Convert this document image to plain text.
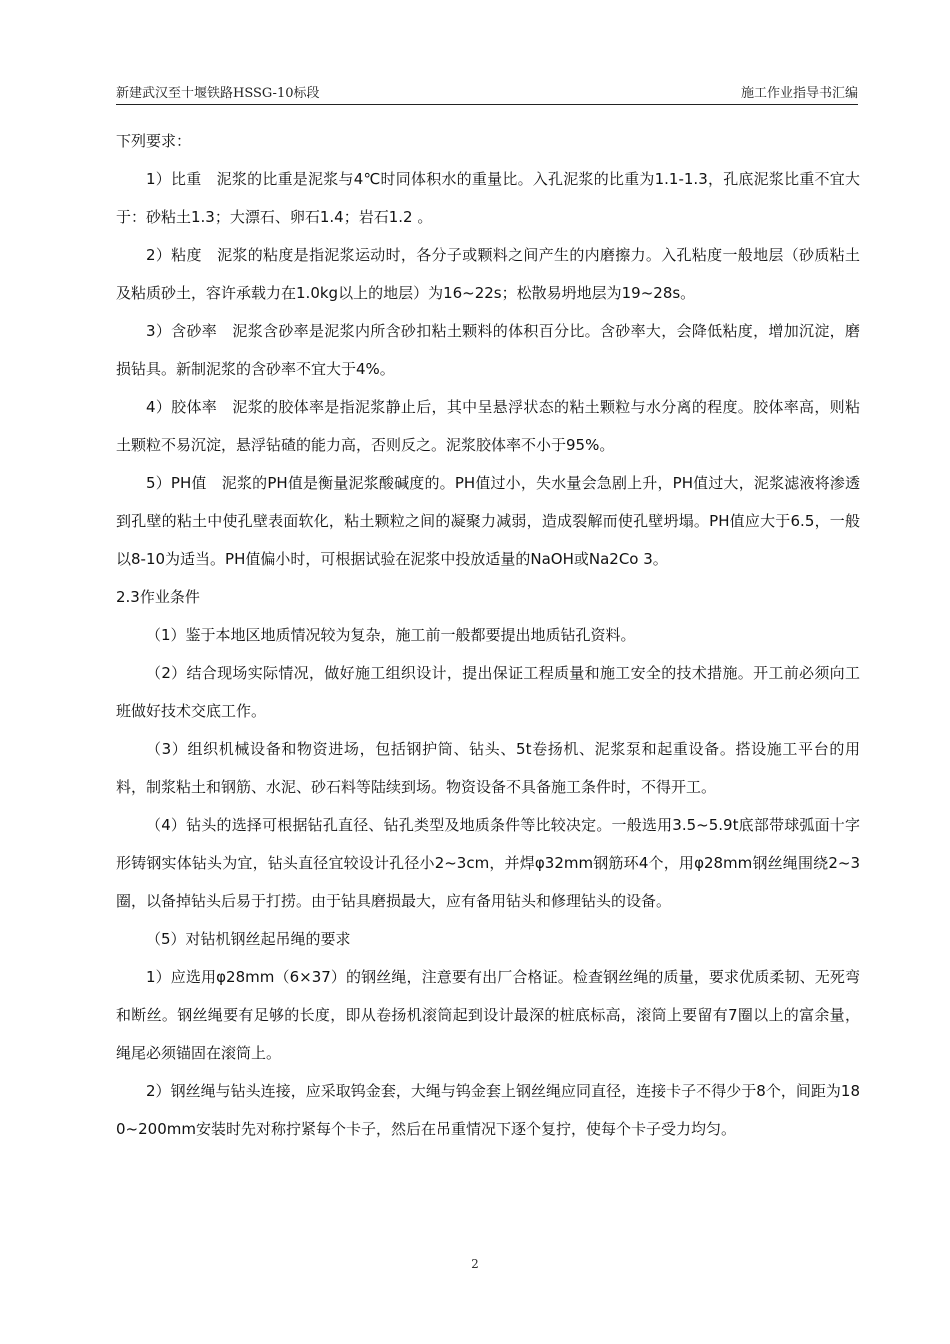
新建武汉至十堰铁路HSSG-10标段	施工作业指导书汇编

下列要求：

1）比重　泥浆的比重是泥浆与4℃时同体积水的重量比。入孔泥浆的比重为1.1-1.3，孔底泥浆比重不宜大于：砂粘土1.3；大漂石、卵石1.4；岩石1.2 。

2）粘度　泥浆的粘度是指泥浆运动时，各分子或颗料之间产生的内磨擦力。入孔粘度一般地层（砂质粘土及粘质砂土，容许承载力在1.0kg以上的地层）为16~22s；松散易坍地层为19~28s。

3）含砂率　泥浆含砂率是泥浆内所含砂扣粘土颗料的体积百分比。含砂率大，会降低粘度，增加沉淀，磨损钻具。新制泥浆的含砂率不宜大于4%。

4）胶体率　泥浆的胶体率是指泥浆静止后，其中呈悬浮状态的粘土颗粒与水分离的程度。胶体率高，则粘土颗粒不易沉淀，悬浮钻碴的能力高，否则反之。泥浆胶体率不小于95%。

5）PH值　泥浆的PH值是衡量泥浆酸碱度的。PH值过小，失水量会急剧上升，PH值过大，泥浆滤液将渗透到孔壁的粘土中使孔壁表面软化，粘土颗粒之间的凝聚力减弱，造成裂解而使孔壁坍塌。PH值应大于6.5，一般以8-10为适当。PH值偏小时，可根据试验在泥浆中投放适量的NaOH或Na2Co 3。

2.3作业条件

（1）鉴于本地区地质情况较为复杂，施工前一般都要提出地质钻孔资料。

（2）结合现场实际情况，做好施工组织设计，提出保证工程质量和施工安全的技术措施。开工前必须向工班做好技术交底工作。

（3）组织机械设备和物资进场，包括钢护筒、钻头、5t卷扬机、泥浆泵和起重设备。搭设施工平台的用料，制浆粘土和钢筋、水泥、砂石料等陆续到场。物资设备不具备施工条件时，不得开工。

（4）钻头的选择可根据钻孔直径、钻孔类型及地质条件等比较决定。一般选用3.5~5.9t底部带球弧面十字形铸钢实体钻头为宜，钻头直径宜较设计孔径小2~3cm，并焊φ32mm钢筋环4个，用φ28mm钢丝绳围绕2~3圈，以备掉钻头后易于打捞。由于钻具磨损最大，应有备用钻头和修理钻头的设备。

（5）对钻机钢丝起吊绳的要求

1）应选用φ28mm（6×37）的钢丝绳，注意要有出厂合格证。检查钢丝绳的质量，要求优质柔韧、无死弯和断丝。钢丝绳要有足够的长度，即从卷扬机滚筒起到设计最深的桩底标高，滚筒上要留有7圈以上的富余量，绳尾必须锚固在滚筒上。

2）钢丝绳与钻头连接，应采取钨金套，大绳与钨金套上钢丝绳应同直径，连接卡子不得少于8个，间距为180~200mm安装时先对称拧紧每个卡子，然后在吊重情况下逐个复拧，使每个卡子受力均匀。

2
